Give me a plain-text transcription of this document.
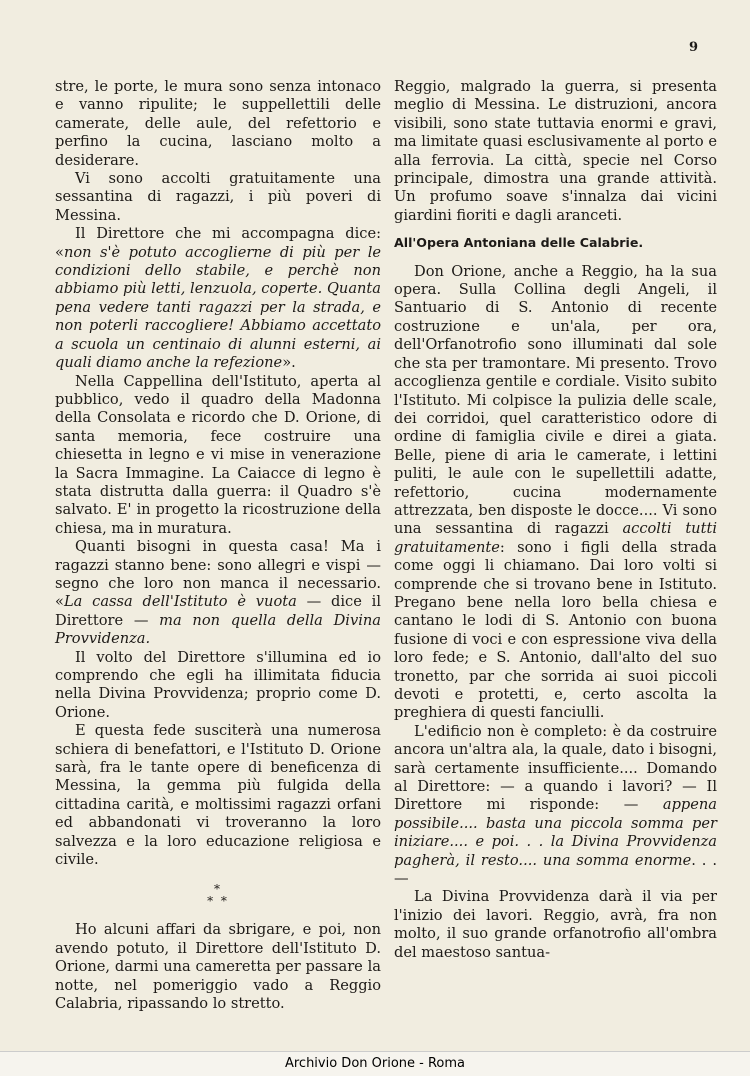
9

stre, le porte, le mura sono senza intonaco e vanno ripulite; le suppellettili delle camerate, delle aule, del refettorio e perfino la cucina, lasciano molto a desiderare.

Vi sono accolti gratuitamente una sessantina di ragazzi, i più poveri di Messina.

Il Direttore che mi accompagna dice: «non s'è potuto accoglierne di più per le condizioni dello stabile, e perchè non abbiamo più letti, lenzuola, coperte. Quanta pena vedere tanti ragazzi per la strada, e non poterli raccogliere! Abbiamo accettato a scuola un centinaio di alunni esterni, ai quali diamo anche la refezione».

Nella Cappellina dell'Istituto, aperta al pubblico, vedo il quadro della Madonna della Consolata e ricordo che D. Orione, di santa memoria, fece costruire una chiesetta in legno e vi mise in venerazione la Sacra Immagine. La Caiacce di legno è stata distrutta dalla guerra: il Quadro s'è salvato. E' in progetto la ricostruzione della chiesa, ma in muratura.

Quanti bisogni in questa casa! Ma i ragazzi stanno bene: sono allegri e vispi — segno che loro non manca il necessario. «La cassa dell'Istituto è vuota — dice il Direttore — ma non quella della Divina Provvidenza.

Il volto del Direttore s'illumina ed io comprendo che egli ha illimitata fiducia nella Divina Provvidenza; proprio come D. Orione.

E questa fede susciterà una numerosa schiera di benefattori, e l'Istituto D. Orione sarà, fra le tante opere di beneficenza di Messina, la gemma più fulgida della cittadina carità, e moltissimi ragazzi orfani ed abbandonati vi troveranno la loro salvezza e la loro educazione religiosa e civile.

*
* *

Ho alcuni affari da sbrigare, e poi, non avendo potuto, il Direttore dell'Istituto D. Orione, darmi una cameretta per passare la notte, nel pomeriggio vado a Reggio Calabria, ripassando lo stretto.

Reggio, malgrado la guerra, si presenta meglio di Messina. Le distruzioni, ancora visibili, sono state tuttavia enormi e gravi, ma limitate quasi esclusivamente al porto e alla ferrovia. La città, specie nel Corso principale, dimostra una grande attività. Un profumo soave s'innalza dai vicini giardini fioriti e dagli aranceti.

All'Opera Antoniana delle Calabrie.

Don Orione, anche a Reggio, ha la sua opera. Sulla Collina degli Angeli, il Santuario di S. Antonio di recente costruzione e un'ala, per ora, dell'Orfanotrofio sono illuminati dal sole che sta per tramontare. Mi presento. Trovo accoglienza gentile e cordiale. Visito subito l'Istituto. Mi colpisce la pulizia delle scale, dei corridoi, quel caratteristico odore di ordine di famiglia civile e direi a giata. Belle, piene di aria le camerate, i lettini puliti, le aule con le supellettili adatte, refettorio, cucina modernamente attrezzata, ben disposte le docce.... Vi sono una sessantina di ragazzi accolti tutti gratuitamente: sono i figli della strada come oggi li chiamano. Dai loro volti si comprende che si trovano bene in Istituto. Pregano bene nella loro bella chiesa e cantano le lodi di S. Antonio con buona fusione di voci e con espressione viva della loro fede; e S. Antonio, dall'alto del suo tronetto, par che sorrida ai suoi piccoli devoti e protetti, e, certo ascolta la preghiera di questi fanciulli.

L'edificio non è completo: è da costruire ancora un'altra ala, la quale, dato i bisogni, sarà certamente insufficiente.... Domando al Direttore: — a quando i lavori? — Il Direttore mi risponde: — appena possibile.... basta una piccola somma per iniziare.... e poi. . . la Divina Provvidenza pagherà, il resto.... una somma enorme. . . —

La Divina Provvidenza darà il via per l'inizio dei lavori. Reggio, avrà, fra non molto, il suo grande orfanotrofio all'ombra del maestoso santua-

Archivio Don Orione - Roma
